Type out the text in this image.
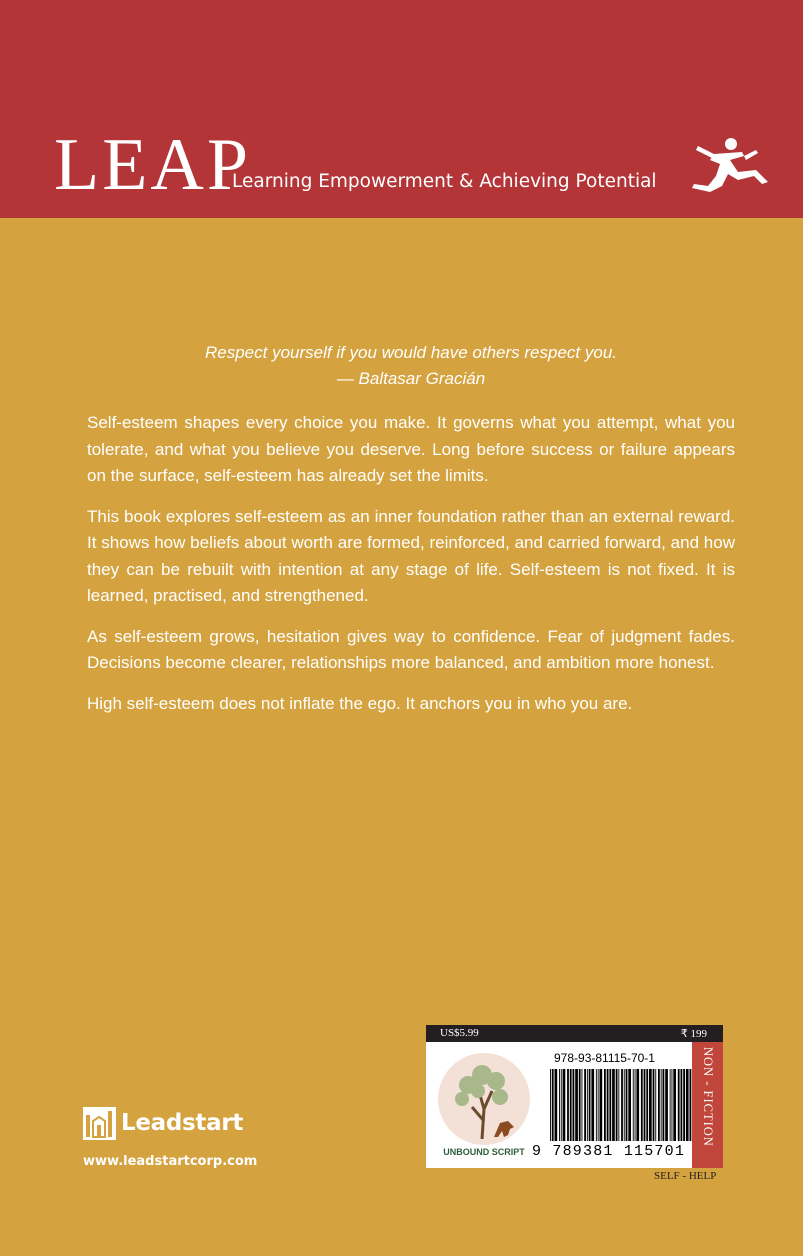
LEAP
Learning Empowerment & Achieving Potential
Respect yourself if you would have others respect you.
— Baltasar Gracián

Self-esteem shapes every choice you make. It governs what you attempt, what you tolerate, and what you believe you deserve. Long before success or failure appears on the surface, self-esteem has already set the limits.

This book explores self-esteem as an inner foundation rather than an external reward. It shows how beliefs about worth are formed, reinforced, and carried forward, and how they can be rebuilt with intention at any stage of life. Self-esteem is not fixed. It is learned, practised, and strengthened.

As self-esteem grows, hesitation gives way to confidence. Fear of judgment fades. Decisions become clearer, relationships more balanced, and ambition more honest.

High self-esteem does not inflate the ego. It anchors you in who you are.

Leadstart
www.leadstartcorp.com
US$5.99	₹ 199
UNBOUND SCRIPT
978-93-81115-70-1
9 789381 115701
NON - FICTION
SELF - HELP
